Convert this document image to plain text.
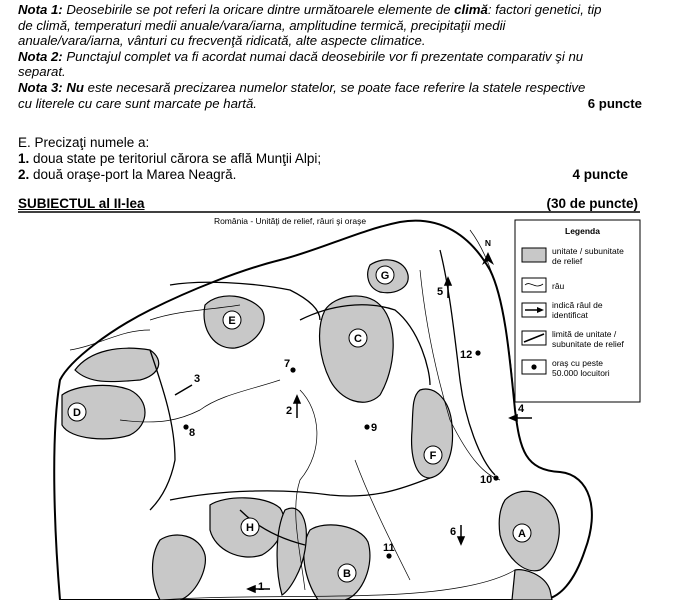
Nota 1: Deosebirile se pot referi la oricare dintre următoarele elemente de climă: factori genetici, tip

de climă, temperaturi medii anuale/vara/iarna, amplitudine termică, precipitaţii medii

anuale/vara/iarna, vânturi cu frecvenţă ridicată, alte aspecte climatice.

Nota 2: Punctajul complet va fi acordat numai dacă deosebirile vor fi prezentate comparativ şi nu

separat.

Nota 3: Nu este necesară precizarea numelor statelor, se poate face referire la statele respective

cu literele cu care sunt marcate pe hartă.	6 puncte

E. Precizaţi numele a:

1. doua state pe teritoriul cărora se află Munţii Alpi;

2. două oraşe-port la Marea Neagră.	4 puncte

SUBIECTUL al II-lea	(30 de puncte)
România - Unităţi de relief, râuri şi oraşe
N
E
G
C
F
D
H
B
A
1
2
3
4
5
6
7
8	9
10
11
12
Legenda
unitate / subunitate
de relief
râu
indică râul de
identificat
limită de unitate /
subunitate de relief
oraş cu peste
50.000 locuitori
